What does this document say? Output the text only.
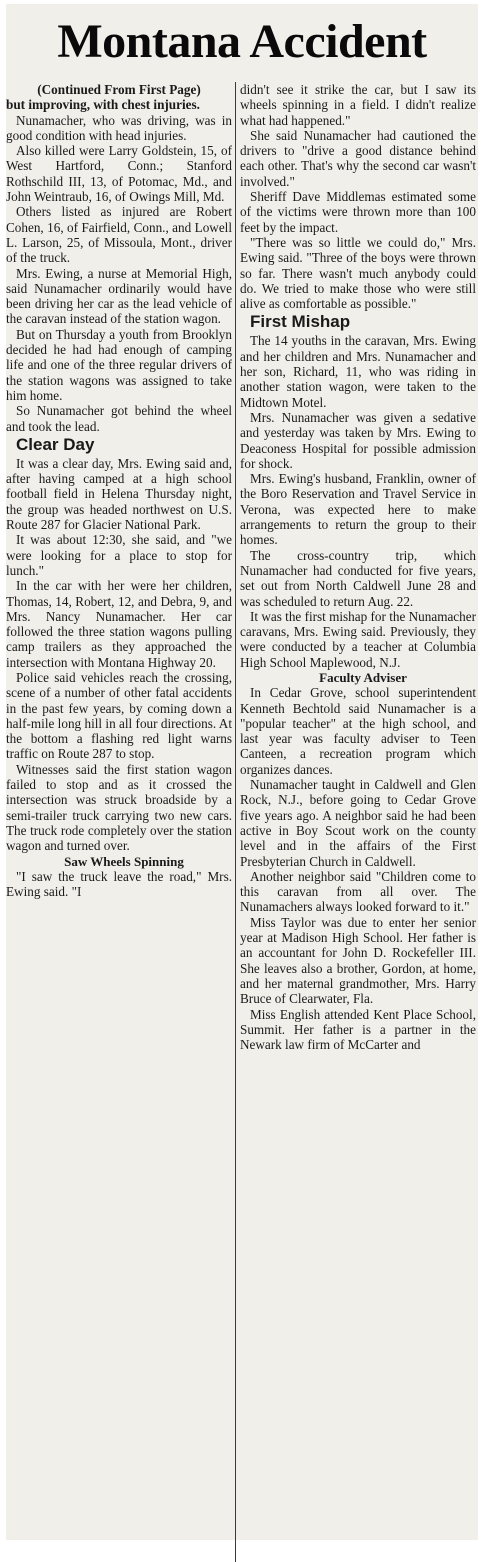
Montana Accident

(Continued From First Page)

but improving, with chest injuries.

Nunamacher, who was driving, was in good condition with head injuries.

Also killed were Larry Goldstein, 15, of West Hartford, Conn.; Stanford Rothschild III, 13, of Potomac, Md., and John Weintraub, 16, of Owings Mill, Md.

Others listed as injured are Robert Cohen, 16, of Fairfield, Conn., and Lowell L. Larson, 25, of Missoula, Mont., driver of the truck.

Mrs. Ewing, a nurse at Memorial High, said Nunamacher ordinarily would have been driving her car as the lead vehicle of the caravan instead of the station wagon.

But on Thursday a youth from Brooklyn decided he had had enough of camping life and one of the three regular drivers of the station wagons was assigned to take him home.

So Nunamacher got behind the wheel and took the lead.

Clear Day

It was a clear day, Mrs. Ewing said and, after having camped at a high school football field in Helena Thursday night, the group was headed northwest on U.S. Route 287 for Glacier National Park.

It was about 12:30, she said, and "we were looking for a place to stop for lunch."

In the car with her were her children, Thomas, 14, Robert, 12, and Debra, 9, and Mrs. Nancy Nunamacher. Her car followed the three station wagons pulling camp trailers as they approached the intersection with Montana Highway 20.

Police said vehicles reach the crossing, scene of a number of other fatal accidents in the past few years, by coming down a half-mile long hill in all four directions. At the bottom a flashing red light warns traffic on Route 287 to stop.

Witnesses said the first station wagon failed to stop and as it crossed the intersection was struck broadside by a semi-trailer truck carrying two new cars. The truck rode completely over the station wagon and turned over.

Saw Wheels Spinning

"I saw the truck leave the road," Mrs. Ewing said. "I

didn't see it strike the car, but I saw its wheels spinning in a field. I didn't realize what had happened."

She said Nunamacher had cautioned the drivers to "drive a good distance behind each other. That's why the second car wasn't involved."

Sheriff Dave Middlemas estimated some of the victims were thrown more than 100 feet by the impact.

"There was so little we could do," Mrs. Ewing said. "Three of the boys were thrown so far. There wasn't much anybody could do. We tried to make those who were still alive as comfortable as possible."

First Mishap

The 14 youths in the caravan, Mrs. Ewing and her children and Mrs. Nunamacher and her son, Richard, 11, who was riding in another station wagon, were taken to the Midtown Motel.

Mrs. Nunamacher was given a sedative and yesterday was taken by Mrs. Ewing to Deaconess Hospital for possible admission for shock.

Mrs. Ewing's husband, Franklin, owner of the Boro Reservation and Travel Service in Verona, was expected here to make arrangements to return the group to their homes.

The cross-country trip, which Nunamacher had conducted for five years, set out from North Caldwell June 28 and was scheduled to return Aug. 22.

It was the first mishap for the Nunamacher caravans, Mrs. Ewing said. Previously, they were conducted by a teacher at Columbia High School Maplewood, N.J.

Faculty Adviser

In Cedar Grove, school superintendent Kenneth Bechtold said Nunamacher is a "popular teacher" at the high school, and last year was faculty adviser to Teen Canteen, a recreation program which organizes dances.

Nunamacher taught in Caldwell and Glen Rock, N.J., before going to Cedar Grove five years ago. A neighbor said he had been active in Boy Scout work on the county level and in the affairs of the First Presbyterian Church in Caldwell.

Another neighbor said "Children come to this caravan from all over. The Nunamachers always looked forward to it."

Miss Taylor was due to enter her senior year at Madison High School. Her father is an accountant for John D. Rockefeller III. She leaves also a brother, Gordon, at home, and her maternal grandmother, Mrs. Harry Bruce of Clearwater, Fla.

Miss English attended Kent Place School, Summit. Her father is a partner in the Newark law firm of McCarter and
